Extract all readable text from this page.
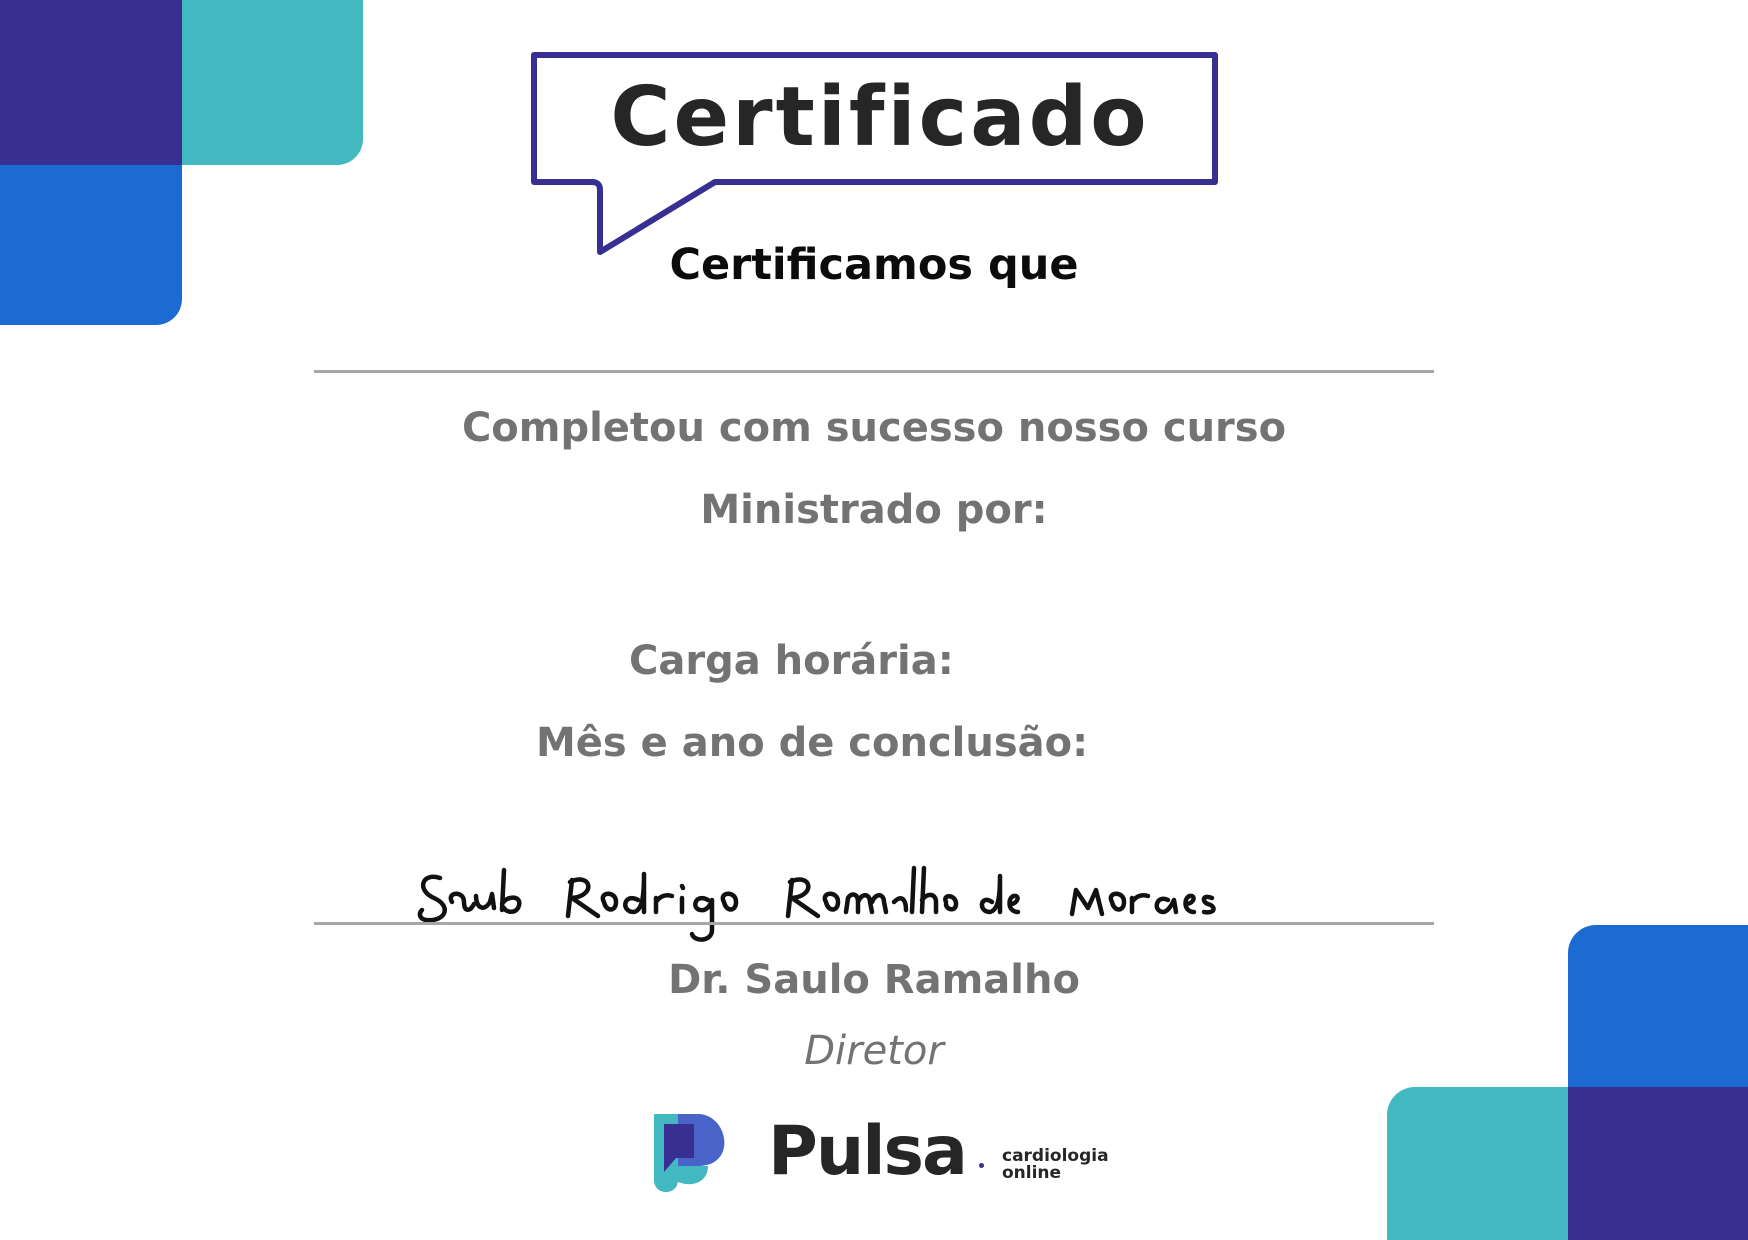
Certificado
Certificamos que
Completou com sucesso nosso curso
Ministrado por:
Carga horária:
Mês e ano de conclusão:
Dr. Saulo Ramalho
Diretor
Pulsa cardiologia
online
